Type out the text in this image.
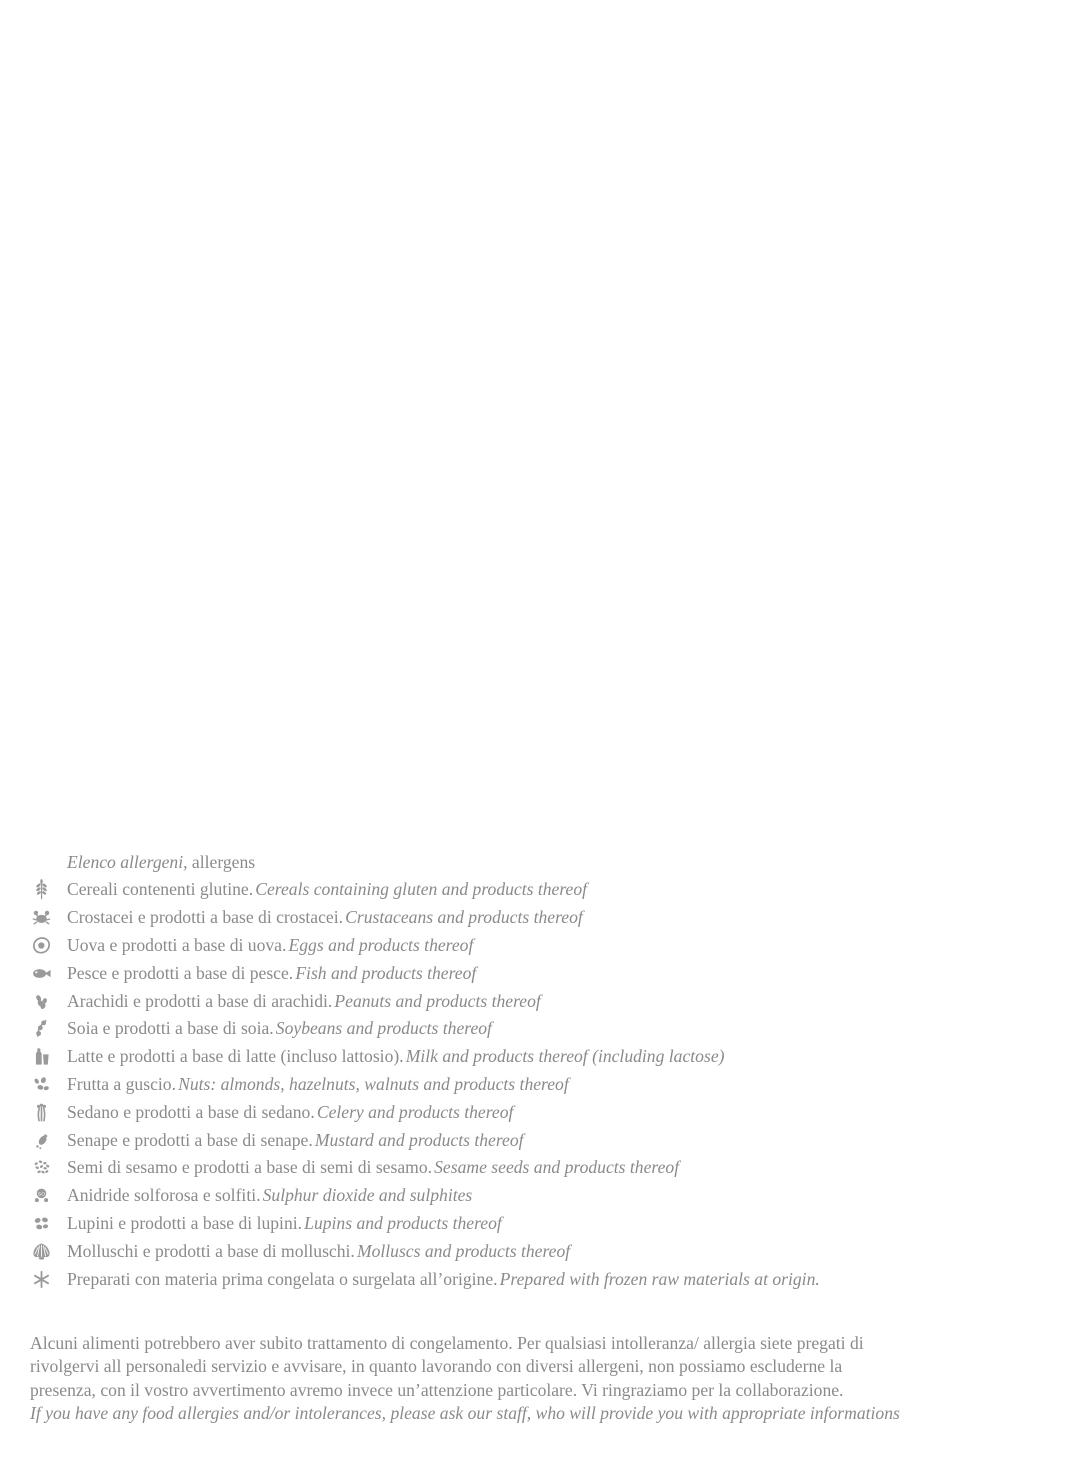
Elenco allergeni, allergens
Cereali contenenti glutine. Cereals containing gluten and products thereof
Crostacei e prodotti a base di crostacei. Crustaceans and products thereof
Uova e prodotti a base di uova. Eggs and products thereof
Pesce e prodotti a base di pesce. Fish and products thereof
Arachidi e prodotti a base di arachidi. Peanuts and products thereof
Soia e prodotti a base di soia. Soybeans and products thereof
Latte e prodotti a base di latte (incluso lattosio). Milk and products thereof (including lactose)
Frutta a guscio. Nuts: almonds, hazelnuts, walnuts and products thereof
Sedano e prodotti a base di sedano. Celery and products thereof
Senape e prodotti a base di senape. Mustard and products thereof
Semi di sesamo e prodotti a base di semi di sesamo. Sesame seeds and products thereof
SO Anidride solforosa e solfiti. Sulphur dioxide and sulphites
Lupini e prodotti a base di lupini. Lupins and products thereof
Molluschi e prodotti a base di molluschi. Molluscs and products thereof
Preparati con materia prima congelata o surgelata all’origine. Prepared with frozen raw materials at origin.
Alcuni alimenti potrebbero aver subito trattamento di congelamento. Per qualsiasi intolleranza/ allergia siete pregati di
rivolgervi all personaledi servizio e avvisare, in quanto lavorando con diversi allergeni, non possiamo escluderne la
presenza, con il vostro avvertimento avremo invece un’attenzione particolare. Vi ringraziamo per la collaborazione.
If you have any food allergies and/or intolerances, please ask our staff, who will provide you with appropriate informations
